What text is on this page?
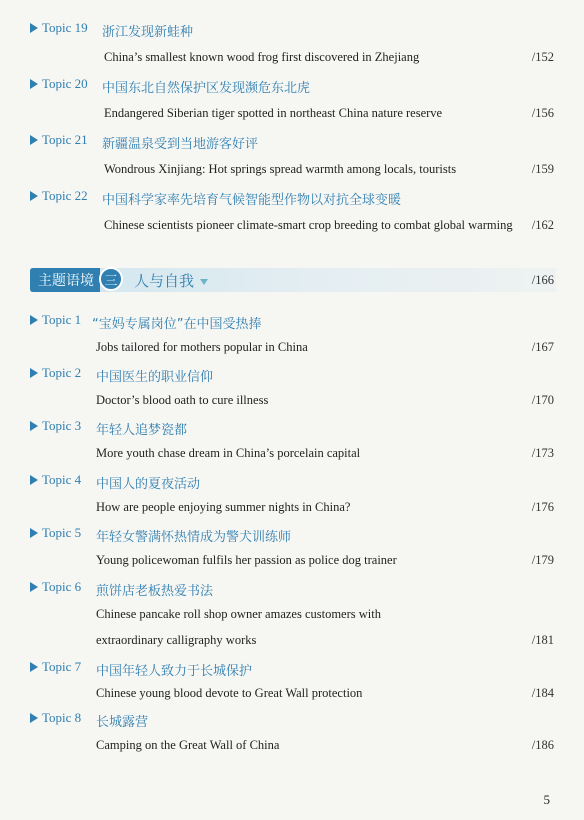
Topic 19 浙江发现新蛙种
China’s smallest known wood frog first discovered in Zhejiang	/152
Topic 20 中国东北自然保护区发现濒危东北虎
Endangered Siberian tiger spotted in northeast China nature reserve	/156
Topic 21 新疆温泉受到当地游客好评
Wondrous Xinjiang: Hot springs spread warmth among locals, tourists	/159
Topic 22 中国科学家率先培育气候智能型作物以对抗全球变暖
Chinese scientists pioneer climate-smart crop breeding to combat global warming /162
主题语境 三	人与自我	/166
Topic 1 “宝妈专属岗位”在中国受热捧
Jobs tailored for mothers popular in China	/167
Topic 2 中国医生的职业信仰
Doctor’s blood oath to cure illness	/170
Topic 3 年轻人追梦瓷都
More youth chase dream in China’s porcelain capital	/173
Topic 4 中国人的夏夜活动
How are people enjoying summer nights in China?	/176
Topic 5 年轻女警满怀热情成为警犬训练师
Young policewoman fulfils her passion as police dog trainer	/179
Topic 6 煎饼店老板热爱书法
Chinese pancake roll shop owner amazes customers with
extraordinary calligraphy works	/181
Topic 7 中国年轻人致力于长城保护
Chinese young blood devote to Great Wall protection	/184
Topic 8 长城露营
Camping on the Great Wall of China	/186
5
